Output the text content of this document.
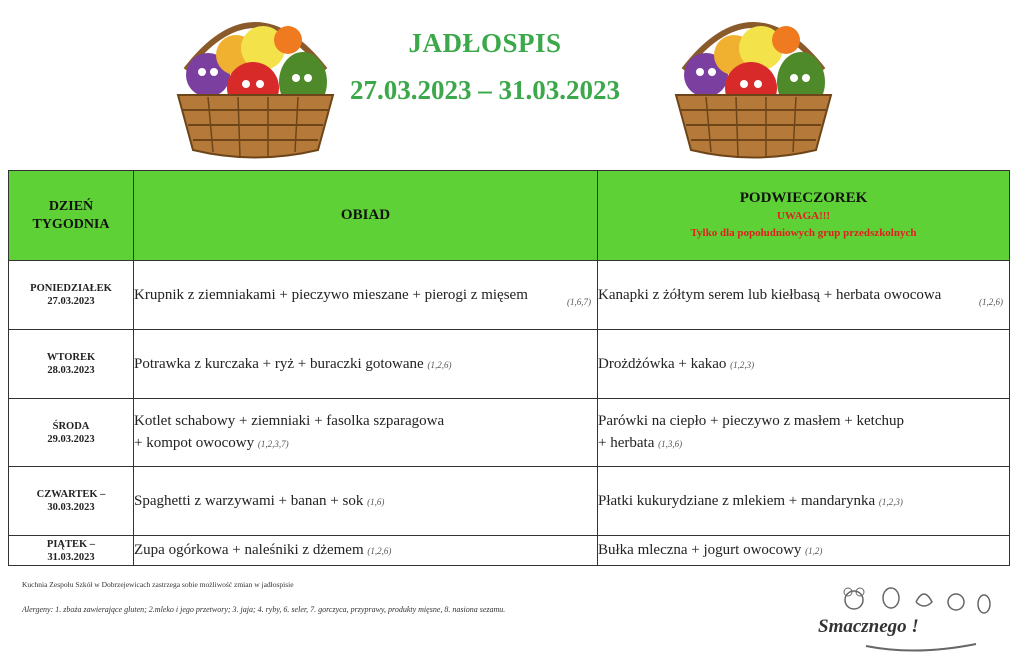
JADŁOSPIS
27.03.2023 – 31.03.2023
DZIEŃ
TYGODNIA	OBIAD	PODWIECZOREK
UWAGA!!!
Tylko dla popołudniowych grup przedszkolnych
PONIEDZIAŁEK
27.03.2023	Krupnik z ziemniakami + pieczywo mieszane + pierogi z mięsem (1,6,7)	Kanapki z żółtym serem lub kiełbasą + herbata owocowa (1,2,6)

WTOREK
28.03.2023	Potrawka z kurczaka + ryż + buraczki gotowane (1,2,6)	Drożdżówka + kakao (1,2,3)
ŚRODA
29.03.2023	Kotlet schabowy + ziemniaki + fasolka szparagowa
+ kompot owocowy (1,2,3,7)	Parówki na ciepło + pieczywo z masłem + ketchup
+ herbata (1,3,6)
CZWARTEK –
30.03.2023	Spaghetti z warzywami + banan + sok (1,6)	Płatki kukurydziane z mlekiem + mandarynka (1,2,3)
PIĄTEK –
31.03.2023	Zupa ogórkowa + naleśniki z dżemem (1,2,6)	Bułka mleczna + jogurt owocowy (1,2)
Kuchnia Zespołu Szkół w Dobrzejewicach zastrzega sobie możliwość zmian w jadłospisie
Alergeny: 1. zboża zawierające gluten; 2.mleko i jego przetwory; 3. jaja; 4. ryby, 6. seler, 7. gorczyca, przyprawy, produkty mięsne, 8. nasiona sezamu.
Smacznego !
